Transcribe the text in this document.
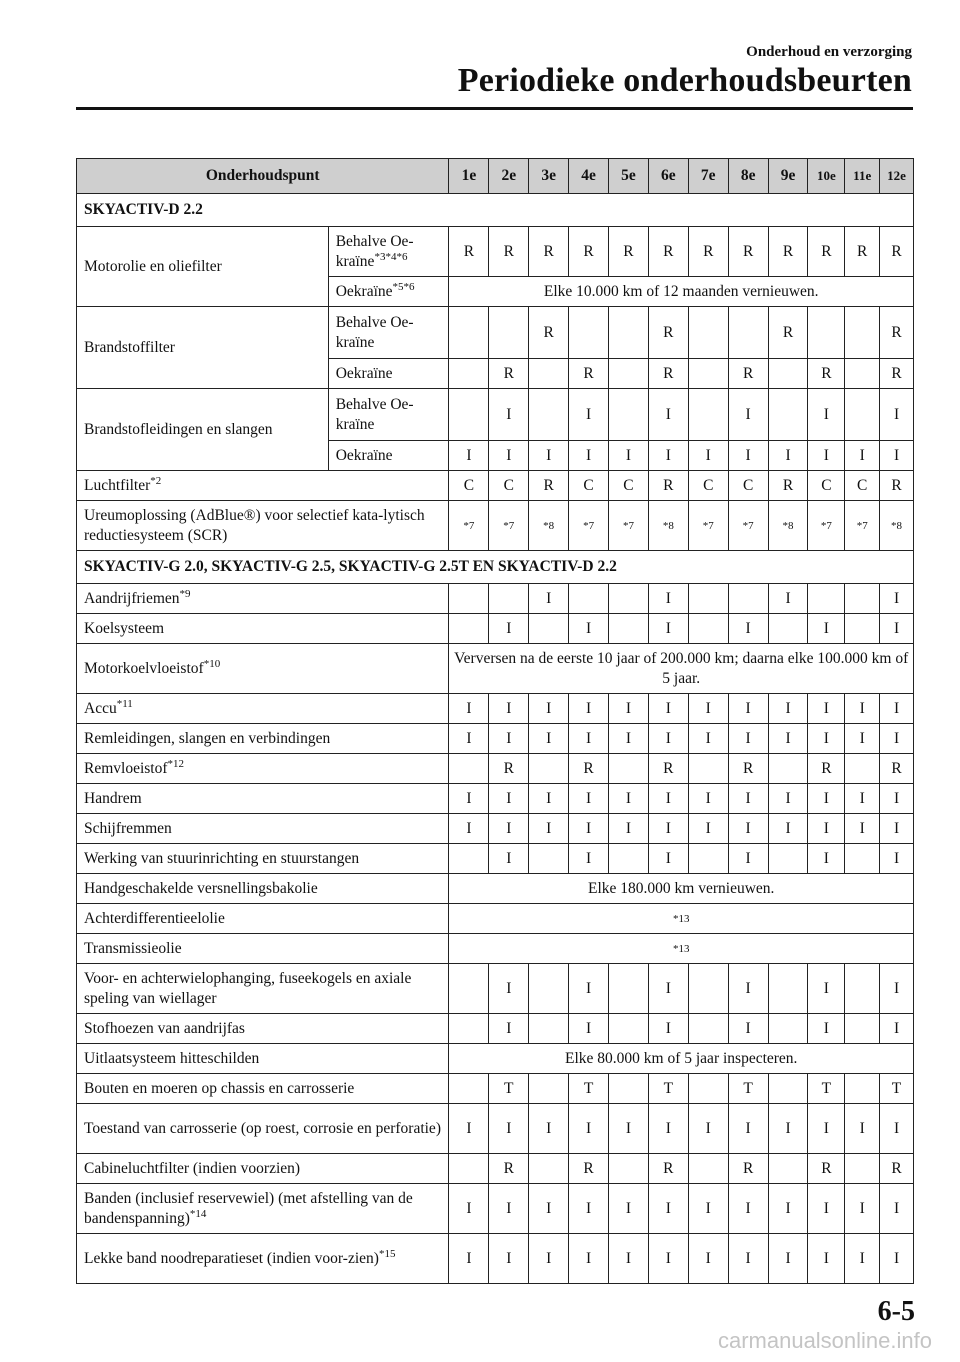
Onderhoud en verzorging
Periodieke onderhoudsbeurten
Onderhoudspunt		1e	2e	3e	4e	5e	6e	7e	8e	9e	10e	11e	12e
SKYACTIV-D 2.2													
Motorolie en oliefilter	Behalve Oe-kraïne$^{*3*4*6}$	R	R	R	R	R	R	R	R	R	R	R	R
	Oekraïne$^{*5*6}$	Elke 10.000 km of 12 maanden vernieuwen.											
Brandstoffilter	Behalve Oe-kraïne			R			R			R			R
	Oekraïne		R		R		R		R		R		R
Brandstofleidingen en slangen	Behalve Oe-kraïne		I		I		I		I		I		I
	Oekraïne	I	I	I	I	I	I	I	I	I	I	I	I
Luchtfilter$^{*2}$		C	C	R	C	C	R	C	C	R	C	C	R
Ureumoplossing (AdBlue®) voor selectief kata-lytisch reductiesysteem (SCR)		*7	*7	*8	*7	*7	*8	*7	*7	*8	*7	*7	*8
SKYACTIV-G 2.0, SKYACTIV-G 2.5, SKYACTIV-G 2.5T EN SKYACTIV-D 2.2													
Aandrijfriemen$^{*9}$				I			I			I			I
Koelsysteem			I		I		I		I		I		I
Motorkoelvloeistof$^{*10}$		Verversen na de eerste 10 jaar of 200.000 km; daarna elke 100.000 km of 5 jaar.											
Accu$^{*11}$		I	I	I	I	I	I	I	I	I	I	I	I
Remleidingen, slangen en verbindingen		I	I	I	I	I	I	I	I	I	I	I	I
Remvloeistof$^{*12}$			R		R		R		R		R		R
Handrem		I	I	I	I	I	I	I	I	I	I	I	I
Schijfremmen		I	I	I	I	I	I	I	I	I	I	I	I
Werking van stuurinrichting en stuurstangen			I		I		I		I		I		I
Handgeschakelde versnellingsbakolie		Elke 180.000 km vernieuwen.											
Achterdifferentieelolie		*13											
Transmissieolie		*13											
Voor- en achterwielophanging, fuseekogels en axiale speling van wiellager			I		I		I		I		I		I
Stofhoezen van aandrijfas			I		I		I		I		I		I
Uitlaatsysteem hitteschilden		Elke 80.000 km of 5 jaar inspecteren.											
Bouten en moeren op chassis en carrosserie			T		T		T		T		T		T
Toestand van carrosserie (op roest, corrosie en perforatie)		I	I	I	I	I	I	I	I	I	I	I	I
Cabineluchtfilter (indien voorzien)			R		R		R		R		R		R
Banden (inclusief reservewiel) (met afstelling van de bandenspanning)$^{*14}$		I	I	I	I	I	I	I	I	I	I	I	I
Lekke band noodreparatieset (indien voor-zien)$^{*15}$		I	I	I	I	I	I	I	I	I	I	I	I
6-5
carmanualsonline.info
